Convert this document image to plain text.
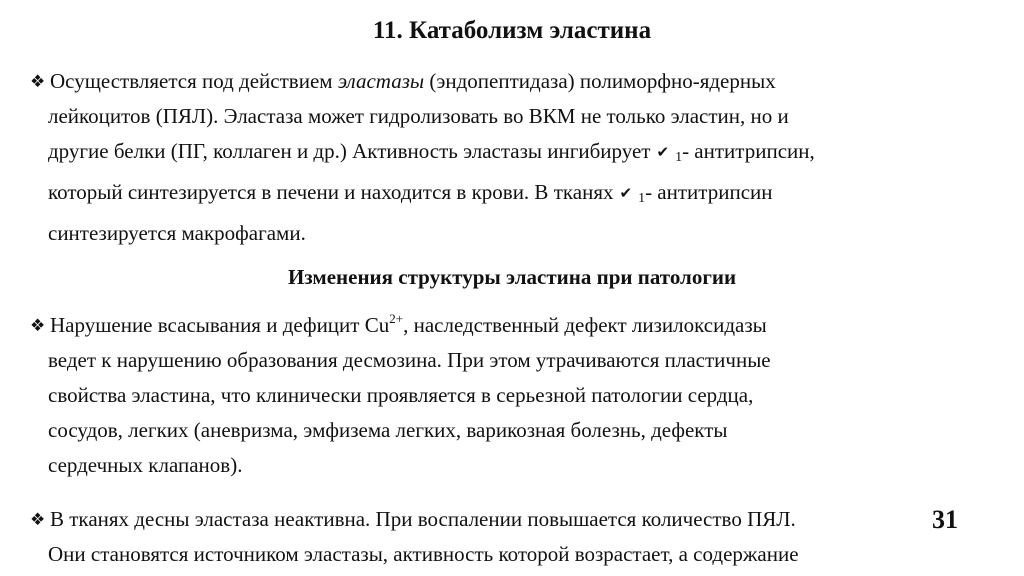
11. Катаболизм эластина
❖ Осуществляется под действием эластазы (эндопептидаза) полиморфно-ядерных
лейкоцитов (ПЯЛ). Эластаза может гидролизовать во ВКМ не только эластин, но и
другие белки (ПГ, коллаген и др.) Активность эластазы ингибирует ✔ $_1$- антитрипсин,
который синтезируется в печени и находится в крови. В тканях ✔ $_1$- антитрипсин
синтезируется макрофагами.
Изменения структуры эластина при патологии
❖ Нарушение всасывания и дефицит $Cu^{2+}$, наследственный дефект лизилоксидазы
ведет к нарушению образования десмозина. При этом утрачиваются пластичные
свойства эластина, что клинически проявляется в серьезной патологии сердца,
сосудов, легких (аневризма, эмфизема легких, варикозная болезнь, дефекты
сердечных клапанов).
❖ В тканях десны эластаза неактивна. При воспалении повышается количество ПЯЛ.
Они становятся источником эластазы, активность которой возрастает, а содержание
31
